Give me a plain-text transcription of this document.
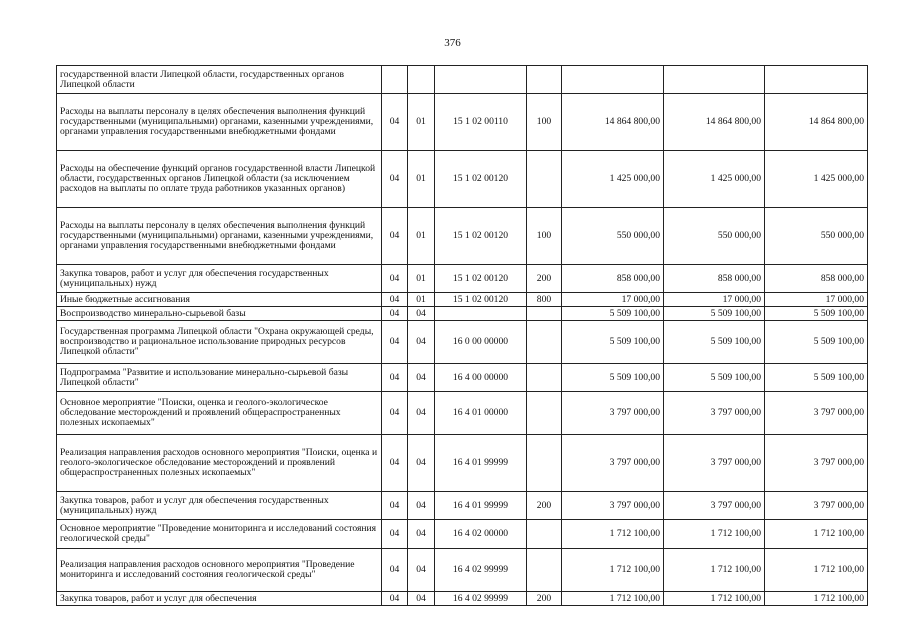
376
государственной власти Липецкой области, государственных органов Липецкой области							
Расходы на выплаты персоналу в целях обеспечения выполнения функций государственными (муниципальными) органами, казенными учреждениями, органами управления государственными внебюджетными фондами	04	01	15 1 02 00110	100	14 864 800,00	14 864 800,00	14 864 800,00
Расходы на обеспечение функций органов государственной власти Липецкой области, государственных органов Липецкой области (за исключением расходов на выплаты по оплате труда работников указанных органов)	04	01	15 1 02 00120		1 425 000,00	1 425 000,00	1 425 000,00
Расходы на выплаты персоналу в целях обеспечения выполнения функций государственными (муниципальными) органами, казенными учреждениями, органами управления государственными внебюджетными фондами	04	01	15 1 02 00120	100	550 000,00	550 000,00	550 000,00
Закупка товаров, работ и услуг для обеспечения государственных (муниципальных) нужд	04	01	15 1 02 00120	200	858 000,00	858 000,00	858 000,00
Иные бюджетные ассигнования	04	01	15 1 02 00120	800	17 000,00	17 000,00	17 000,00
Воспроизводство минерально-сырьевой базы	04	04			5 509 100,00	5 509 100,00	5 509 100,00
Государственная программа Липецкой области "Охрана окружающей среды, воспроизводство и рациональное использование природных ресурсов Липецкой области"	04	04	16 0 00 00000		5 509 100,00	5 509 100,00	5 509 100,00
Подпрограмма "Развитие и использование минерально-сырьевой базы Липецкой области"	04	04	16 4 00 00000		5 509 100,00	5 509 100,00	5 509 100,00
Основное мероприятие "Поиски, оценка и геолого-экологическое обследование месторождений и проявлений общераспространенных полезных ископаемых"	04	04	16 4 01 00000		3 797 000,00	3 797 000,00	3 797 000,00
Реализация направления расходов основного мероприятия "Поиски, оценка и геолого-экологическое обследование месторождений и проявлений общераспространенных полезных ископаемых"	04	04	16 4 01 99999		3 797 000,00	3 797 000,00	3 797 000,00
Закупка товаров, работ и услуг для обеспечения государственных (муниципальных) нужд	04	04	16 4 01 99999	200	3 797 000,00	3 797 000,00	3 797 000,00
Основное мероприятие "Проведение мониторинга и исследований состояния геологической среды"	04	04	16 4 02 00000		1 712 100,00	1 712 100,00	1 712 100,00
Реализация направления расходов основного мероприятия "Проведение мониторинга и исследований состояния геологической среды"	04	04	16 4 02 99999		1 712 100,00	1 712 100,00	1 712 100,00
Закупка товаров, работ и услуг для обеспечения	04	04	16 4 02 99999	200	1 712 100,00	1 712 100,00	1 712 100,00
